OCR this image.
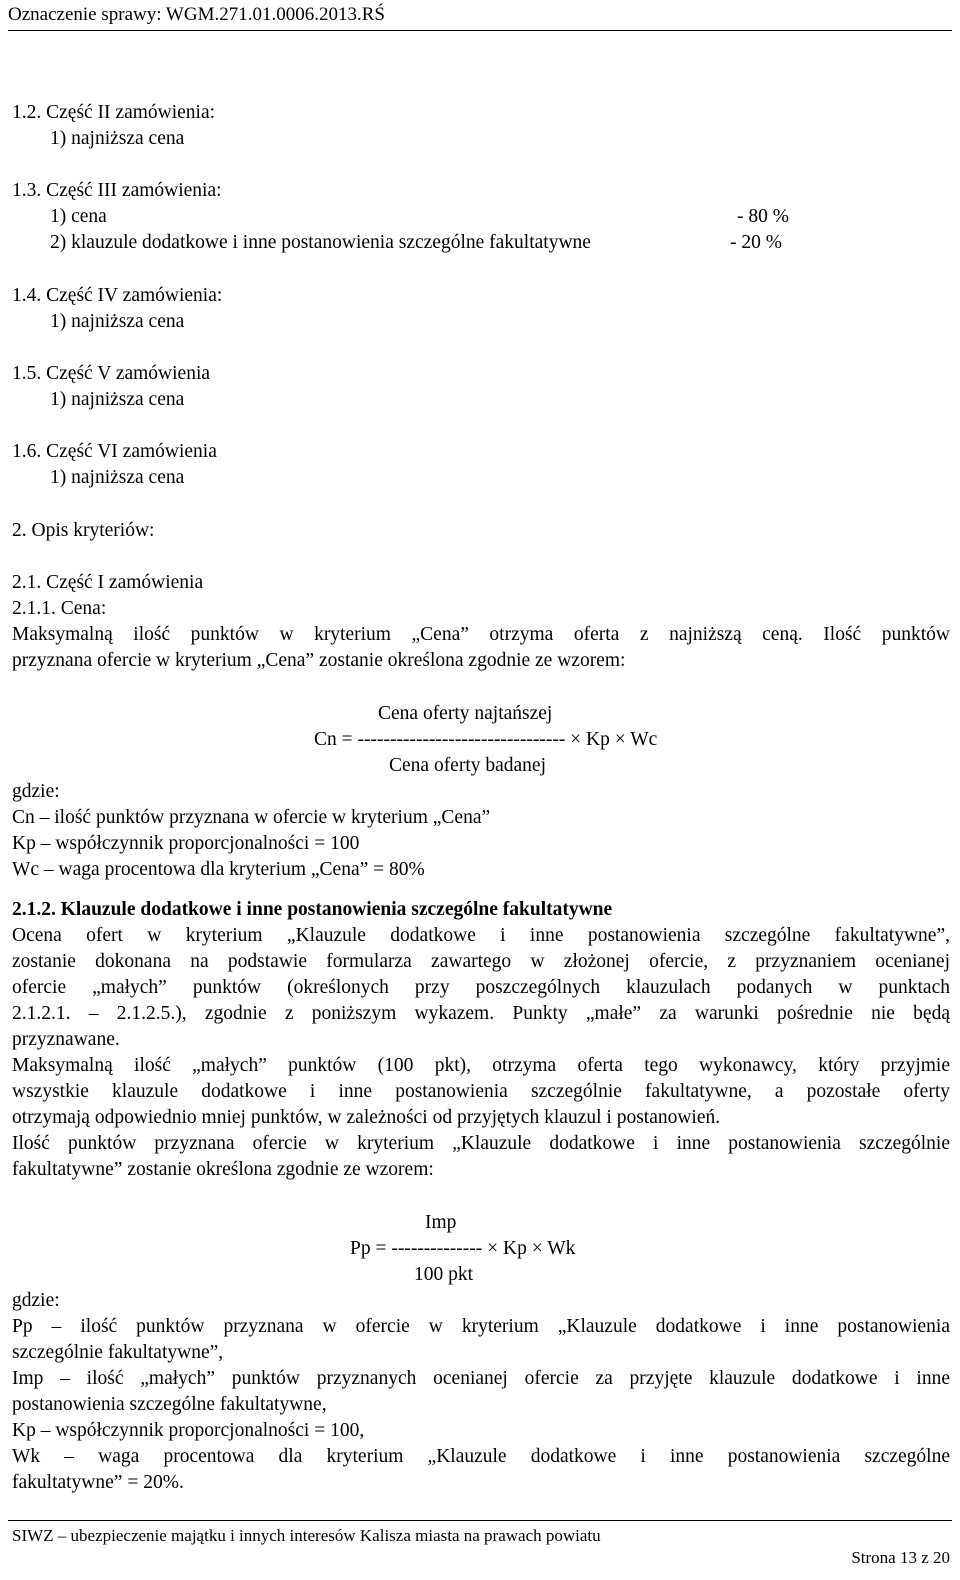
Oznaczenie sprawy: WGM.271.01.0006.2013.RŚ
1.2. Część II zamówienia:
1) najniższa cena
1.3. Część III zamówienia:
1) cena	- 80 %
2) klauzule dodatkowe i inne postanowienia szczególne fakultatywne	- 20 %
1.4. Część IV zamówienia:
1) najniższa cena
1.5. Część V zamówienia
1) najniższa cena
1.6. Część VI zamówienia
1) najniższa cena
2. Opis kryteriów:
2.1. Część I zamówienia
2.1.1. Cena:
Maksymalną ilość punktów w kryterium „Cena” otrzyma oferta z najniższą ceną. Ilość punktów
przyznana ofercie w kryterium „Cena” zostanie określona zgodnie ze wzorem:
Cena oferty najtańszej
Cn = -------------------------------- × Kp × Wc
Cena oferty badanej
gdzie:
Cn – ilość punktów przyznana w ofercie w kryterium „Cena”
Kp – współczynnik proporcjonalności = 100
Wc – waga procentowa dla kryterium „Cena” = 80%
2.1.2. Klauzule dodatkowe i inne postanowienia szczególne fakultatywne
Ocena ofert w kryterium „Klauzule dodatkowe i inne postanowienia szczególne fakultatywne”,
zostanie dokonana na podstawie formularza zawartego w złożonej ofercie, z przyznaniem ocenianej
ofercie „małych” punktów (określonych przy poszczególnych klauzulach podanych w punktach
2.1.2.1. – 2.1.2.5.), zgodnie z poniższym wykazem. Punkty „małe” za warunki pośrednie nie będą
przyznawane.
Maksymalną ilość „małych” punktów (100 pkt), otrzyma oferta tego wykonawcy, który przyjmie
wszystkie klauzule dodatkowe i inne postanowienia szczególnie fakultatywne, a pozostałe oferty
otrzymają odpowiednio mniej punktów, w zależności od przyjętych klauzul i postanowień.
Ilość punktów przyznana ofercie w kryterium „Klauzule dodatkowe i inne postanowienia szczególnie
fakultatywne” zostanie określona zgodnie ze wzorem:
Imp
Pp = -------------- × Kp × Wk
100 pkt
gdzie:
Pp – ilość punktów przyznana w ofercie w kryterium „Klauzule dodatkowe i inne postanowienia
szczególnie fakultatywne”,
Imp – ilość „małych” punktów przyznanych ocenianej ofercie za przyjęte klauzule dodatkowe i inne
postanowienia szczególne fakultatywne,
Kp – współczynnik proporcjonalności = 100,
Wk – waga procentowa dla kryterium „Klauzule dodatkowe i inne postanowienia szczególne
fakultatywne” = 20%.
SIWZ – ubezpieczenie majątku i innych interesów Kalisza miasta na prawach powiatu
Strona 13 z 20
